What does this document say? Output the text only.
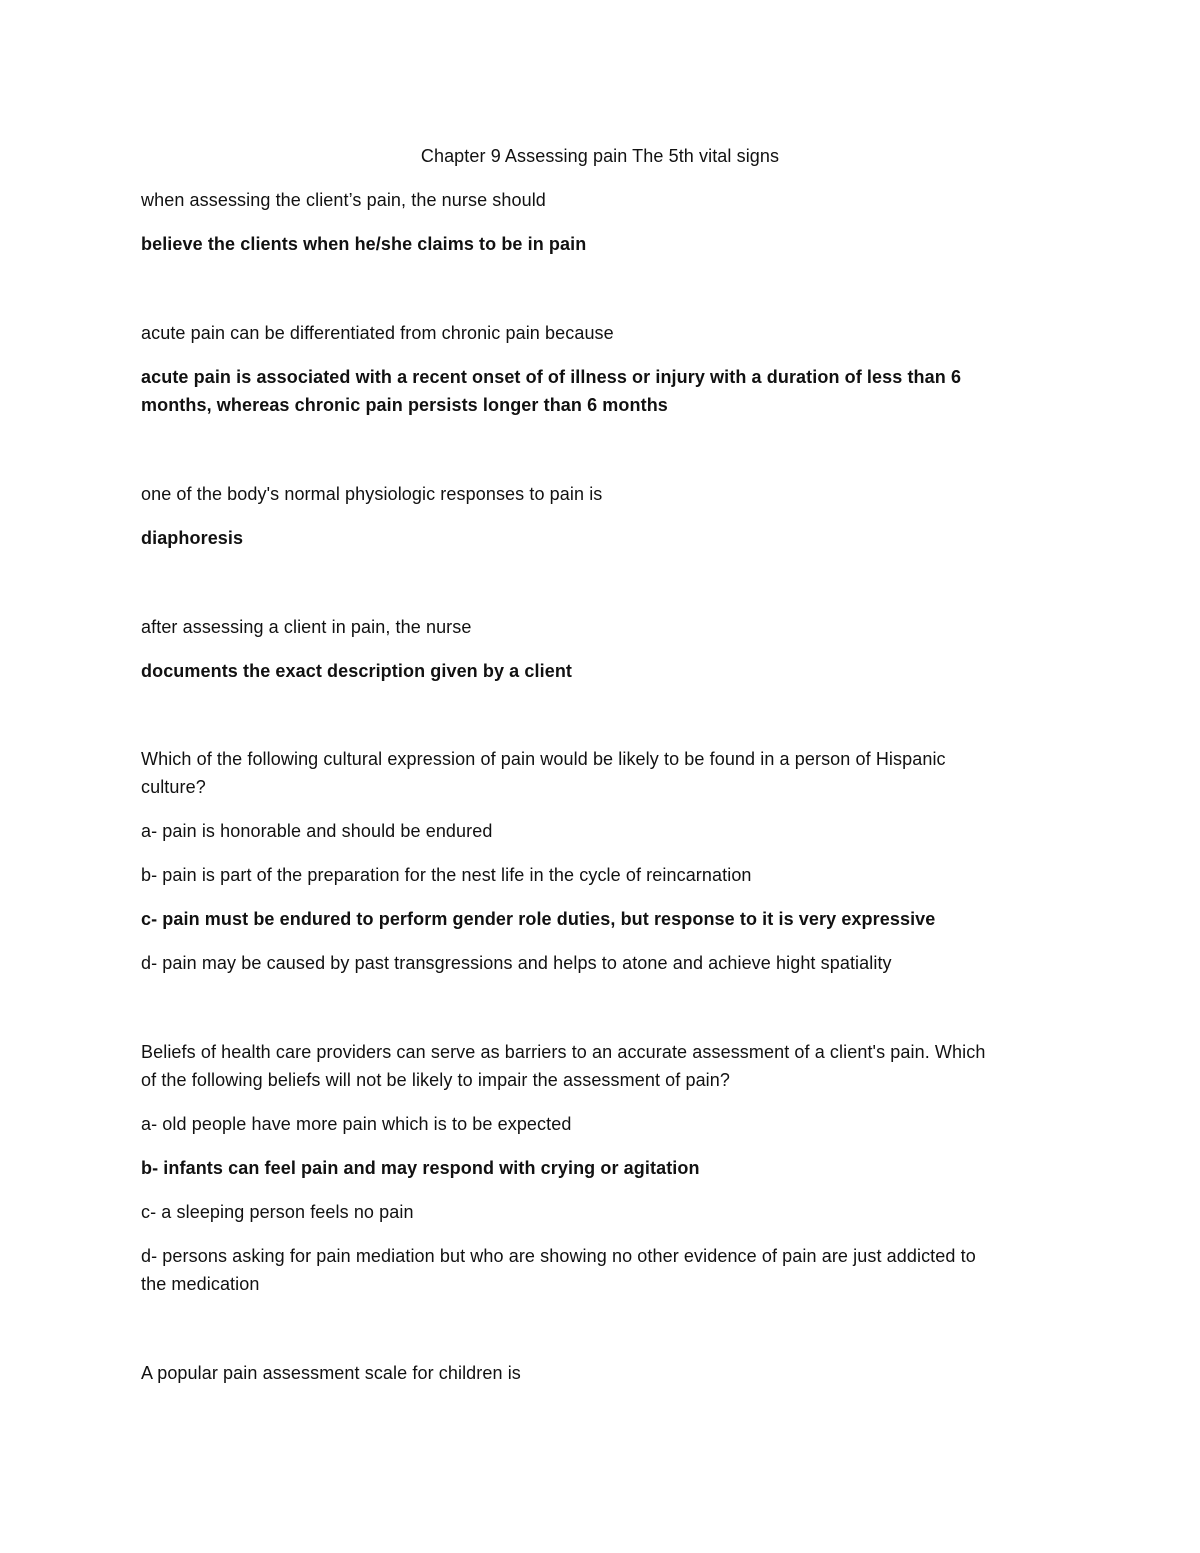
Chapter 9 Assessing pain The 5th vital signs
when assessing the client’s pain, the nurse should
believe the clients when he/she claims to be in pain
acute pain can be differentiated from chronic pain because
acute pain is associated with a recent onset of of illness or injury with a duration of less than 6
months, whereas chronic pain persists longer than 6 months
one of the body's normal physiologic responses to pain is
diaphoresis
after assessing a client in pain, the nurse
documents the exact description given by a client
Which of the following cultural expression of pain would be likely to be found in a person of Hispanic
culture?
a- pain is honorable and should be endured
b- pain is part of the preparation for the nest life in the cycle of reincarnation
c- pain must be endured to perform gender role duties, but response to it is very expressive
d- pain may be caused by past transgressions and helps to atone and achieve hight spatiality
Beliefs of health care providers can serve as barriers to an accurate assessment of a client's pain. Which
of the following beliefs will not be likely to impair the assessment of pain?
a- old people have more pain which is to be expected
b- infants can feel pain and may respond with crying or agitation
c- a sleeping person feels no pain
d- persons asking for pain mediation but who are showing no other evidence of pain are just addicted to
the medication
A popular pain assessment scale for children is
